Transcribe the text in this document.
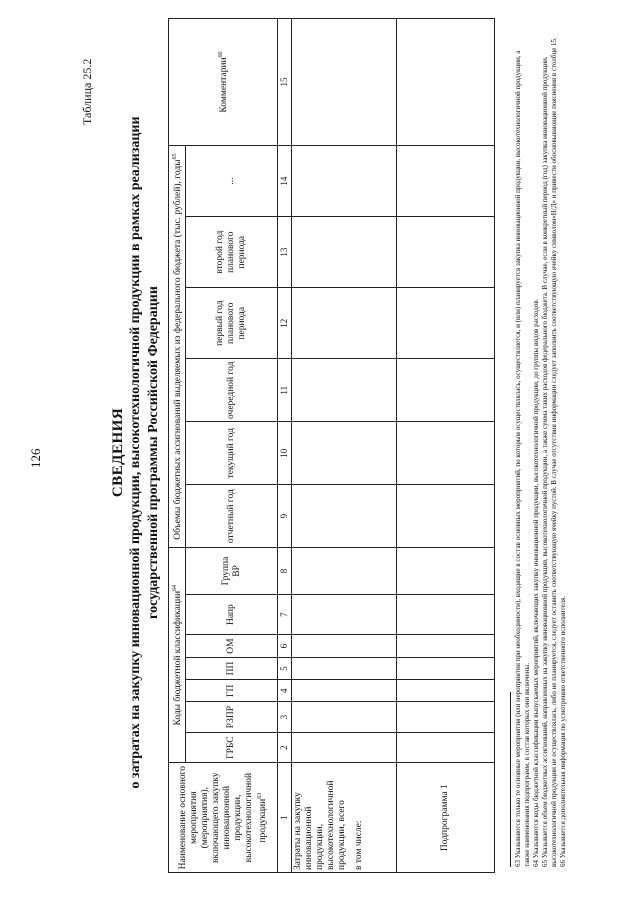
126
Таблица 25.2
СВЕДЕНИЯ о затратах на закупку инновационной продукции, высокотехнологичной продукции в рамках реализации государственной программы Российской Федерации
Наименование основного мероприятия (мероприятия), включающего закупку инновационной продукции, высокотехнологичной продукции$^{63}$	Коды бюджетной классификации$^{64}$							Объемы бюджетных ассигнований выделяемых из федерального бюджета (тыс. рублей), годы$^{65}$						Комментарии$^{66}$
	ГРБС	РЗПР	ГП	ПП	ОМ	Напр	Группа ВР	отчетный год	текущий год	очередной год	первый год планового периода	второй год планового периода	...	
1	2	3	4	5	6	7	8	9	10	11	12	13	14	15

Затраты на закупку инновационной продукции, высокотехнологичной продукции, всего в том числе:														

Подпрограмма 1															63 Указываются только те основные мероприятия (или мероприятия при необходимости), входящие в состав основных мероприятий, по которым осуществлялась, осуществляется, и (или) планируется закупка инновационной продукции, высокотехнологичной продукции, а также наименования подпрограмм, в состав которых они включены. 64 Указываются коды бюджетной классификации выпускаемых мероприятий, включающих закупку инновационной продукции, высокотехнологичной продукции, до группы видов расходов. 65 Указывается объем бюджетных ассигнований, направленных на закупку инновационной продукции, высокотехнологичной продукции, а также сумма таких расходов федерального бюджета. В случае, если в конкретный период (год) закупка инновационной продукции, высокотехнологичной продукции не осуществлялась, либо не планируется, следует оставить соответствующую ячейку пустой. В случае отсутствия информации следует заполнить соответствующую ячейку символом«Н/Д» и привести обосновывающие пояснения в столбце 15. 66 Указывается дополнительная информация по усмотрению ответственного исполнителя.
